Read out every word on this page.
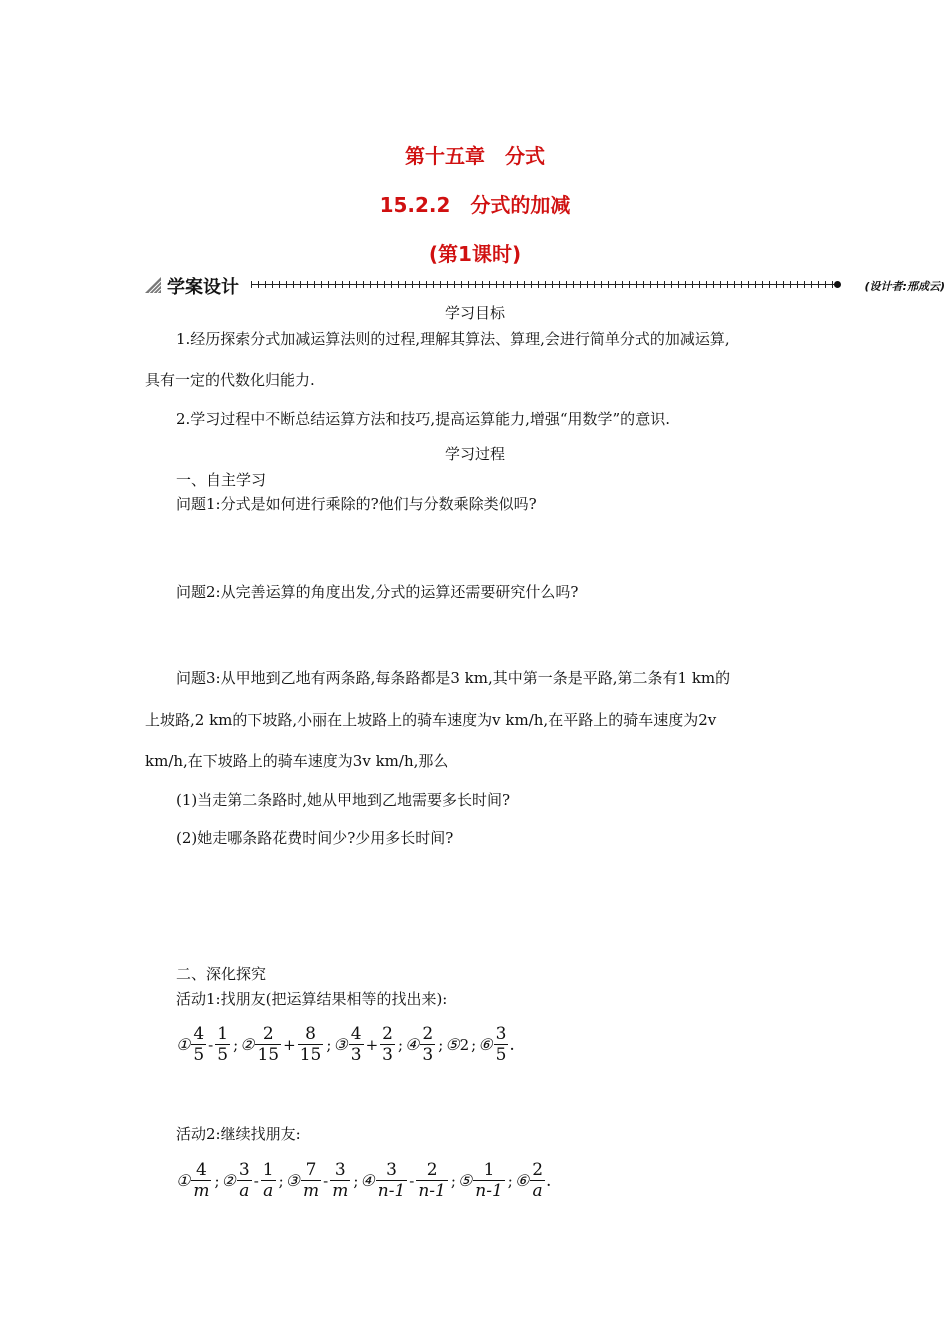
第十五章　分式
15.2.2　分式的加减
(第1课时)
学案设计	(设计者:邢成云)
学习目标
1.经历探索分式加减运算法则的过程,理解其算法、算理,会进行简单分式的加减运算,
具有一定的代数化归能力.
2.学习过程中不断总结运算方法和技巧,提高运算能力,增强“用数学”的意识.
学习过程
一、自主学习
问题1:分式是如何进行乘除的?他们与分数乘除类似吗?
问题2:从完善运算的角度出发,分式的运算还需要研究什么吗?
问题3:从甲地到乙地有两条路,每条路都是3 km,其中第一条是平路,第二条有1 km的
上坡路,2 km的下坡路,小丽在上坡路上的骑车速度为v km/h,在平路上的骑车速度为2v
km/h,在下坡路上的骑车速度为3v km/h,那么
(1)当走第二条路时,她从甲地到乙地需要多长时间?
(2)她走哪条路花费时间少?少用多长时间?
二、深化探究
活动1:找朋友(把运算结果相等的找出来):
① $\frac{4}{5} - \frac{1}{5}$ ; ② $\frac{2}{15} + \frac{8}{15}$ ; ③ $\frac{4}{3} + \frac{2}{3}$ ; ④ $\frac{2}{3}$ ; ⑤ 2 ; ⑥ $\frac{3}{5}$ .
活动2:继续找朋友:
① $\frac{4}{m}$ ; ② $\frac{3}{a} - \frac{1}{a}$ ; ③ $\frac{7}{m} - \frac{3}{m}$ ; ④ $\frac{3}{n-1} - \frac{2}{n-1}$ ; ⑤ $\frac{1}{n-1}$ ; ⑥ $\frac{2}{a}$ .
